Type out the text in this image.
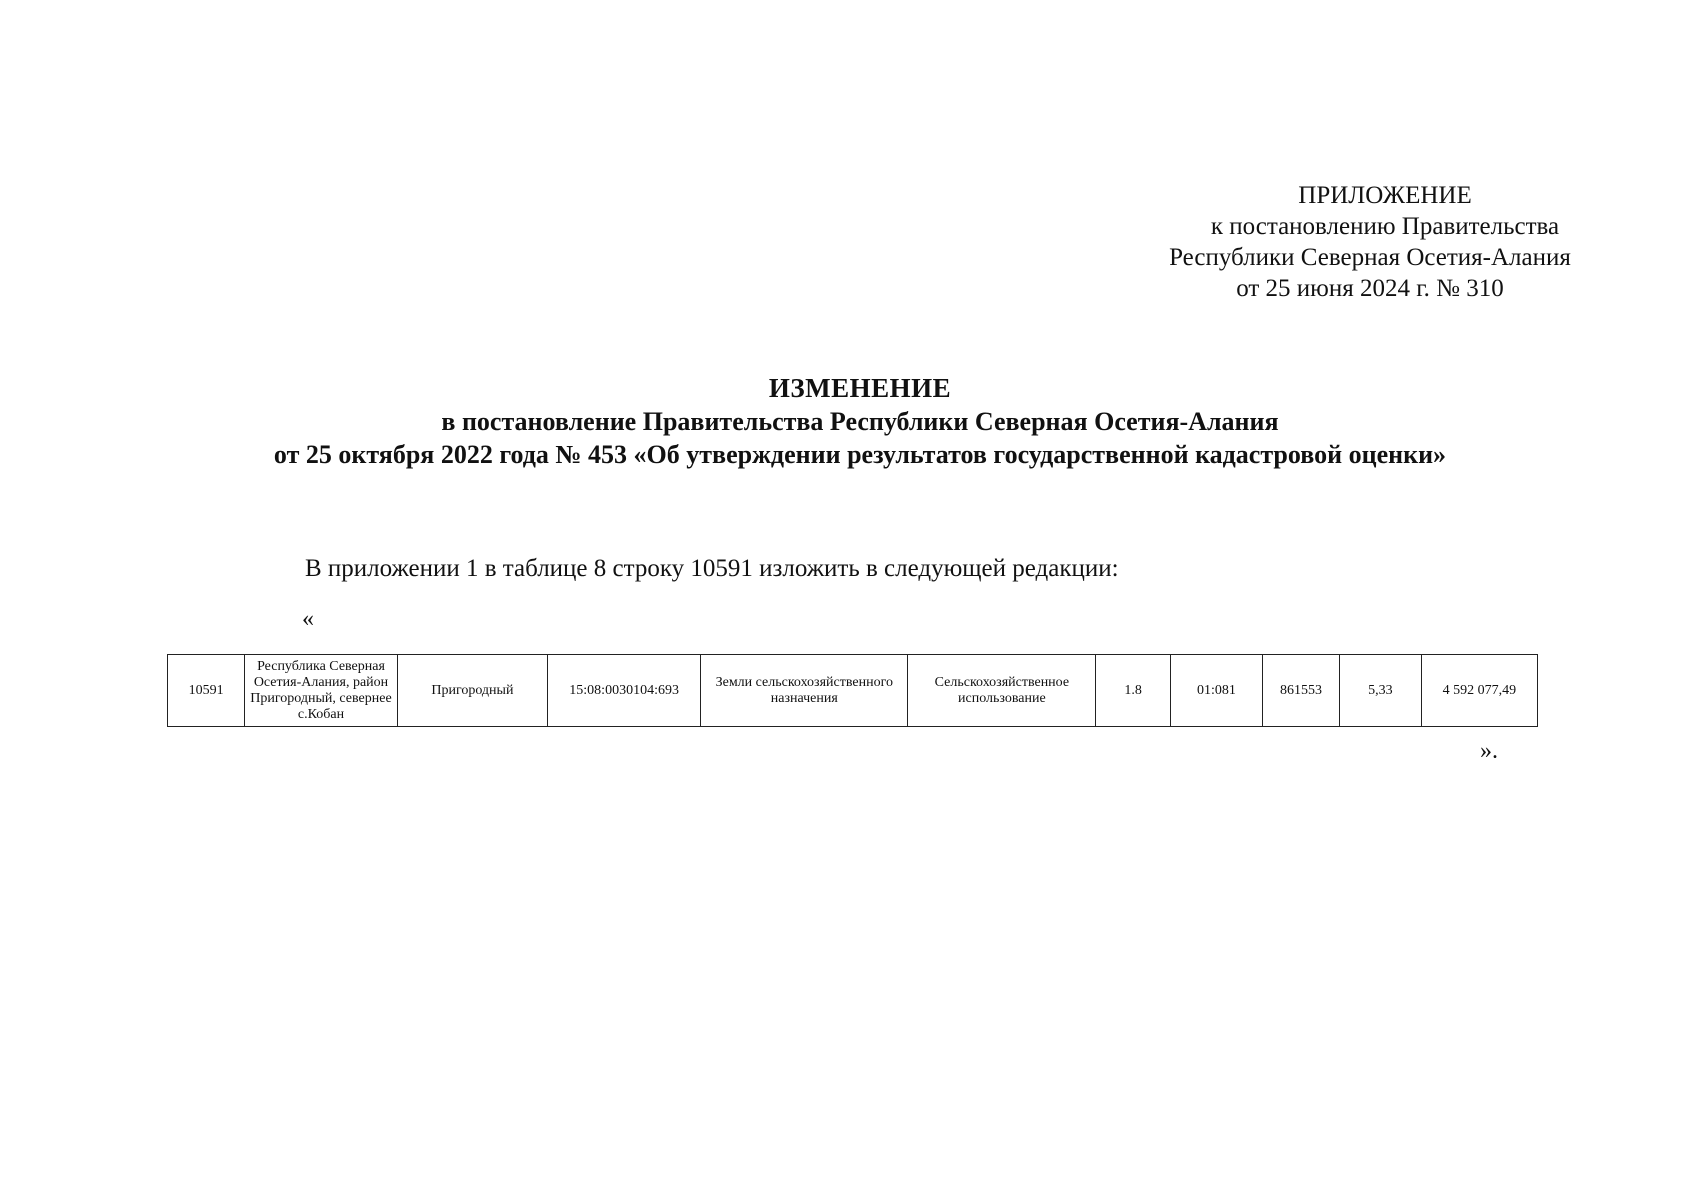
ПРИЛОЖЕНИЕ
к постановлению Правительства
Республики Северная Осетия-Алания
от 25 июня 2024 г. № 310
ИЗМЕНЕНИЕ
в постановление Правительства Республики Северная Осетия-Алания
от 25 октября 2022 года № 453 «Об утверждении результатов государственной кадастровой оценки»
В приложении 1 в таблице 8 строку 10591 изложить в следующей редакции:
«
10591	Республика Северная Осетия-Алания, район Пригородный, севернее с.Кобан	Пригородный	15:08:0030104:693	Земли сельскохозяйственного назначения	Сельскохозяйственное использование	1.8	01:081	861553	5,33	4 592 077,49
».
